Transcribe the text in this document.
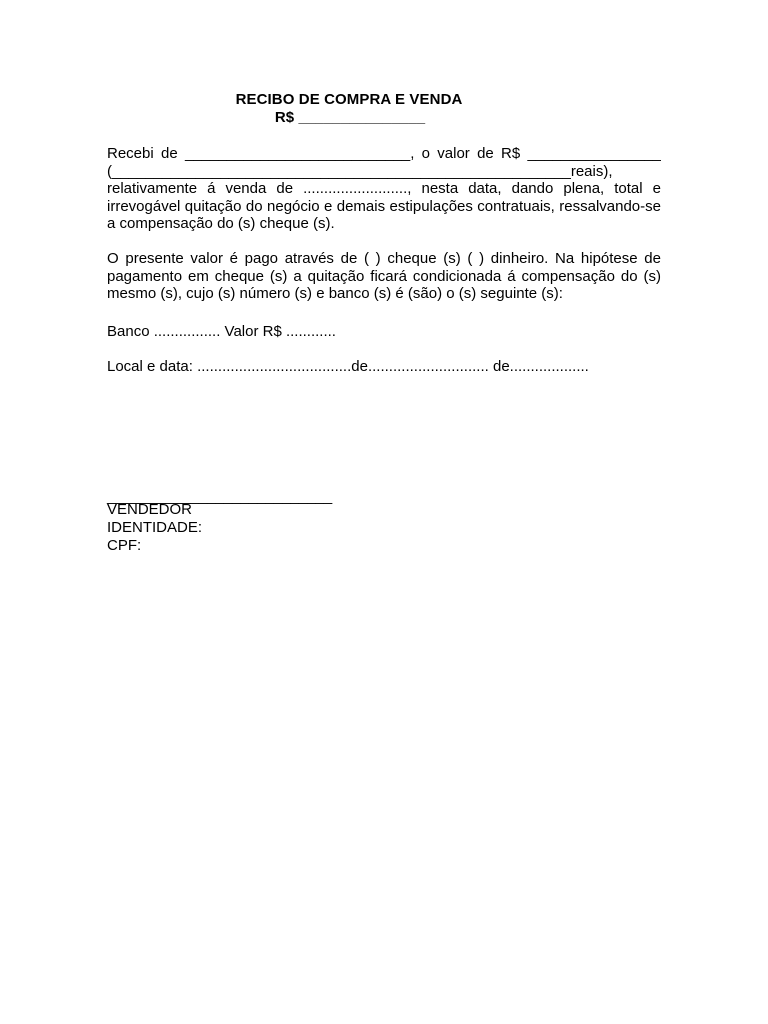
RECIBO DE COMPRA E VENDA
R$ _______________
Recebi de ___________________________, o valor de R$ ________________
(_______________________________________________________reais),
relativamente á venda de ........................., nesta data, dando plena, total e
irrevogável quitação do negócio e demais estipulações contratuais, ressalvando-se
a compensação do (s) cheque (s).
O presente valor é pago através de ( ) cheque (s) ( ) dinheiro. Na hipótese de
pagamento em cheque (s) a quitação ficará condicionada á compensação do (s)
mesmo (s), cujo (s) número (s) e banco (s) é (são) o (s) seguinte (s):
Banco ................ Valor R$ ............
Local e data: .....................................de............................. de...................
___________________________
VENDEDOR
IDENTIDADE:
CPF:
